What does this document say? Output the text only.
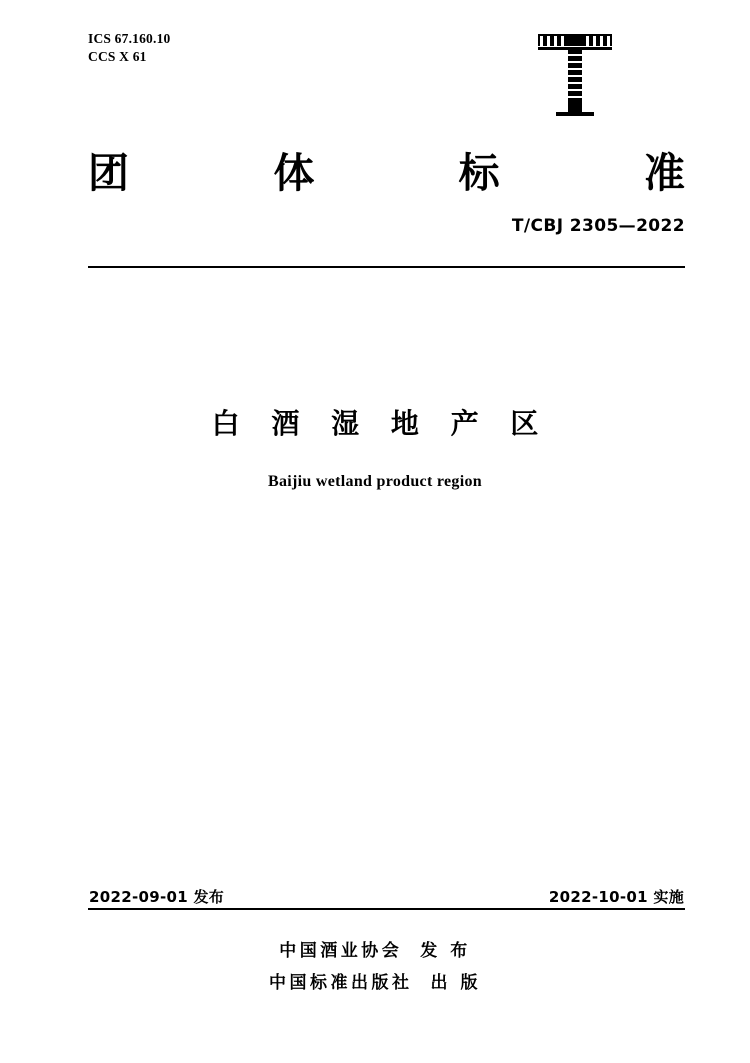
ICS 67.160.10
CCS X 61
团	体	标	准
T/CBJ 2305—2022
白 酒 湿 地 产 区
Baijiu wetland product region
2022-09-01 发布	2022-10-01 实施
中国酒业协会 发 布
中国标准出版社 出 版
